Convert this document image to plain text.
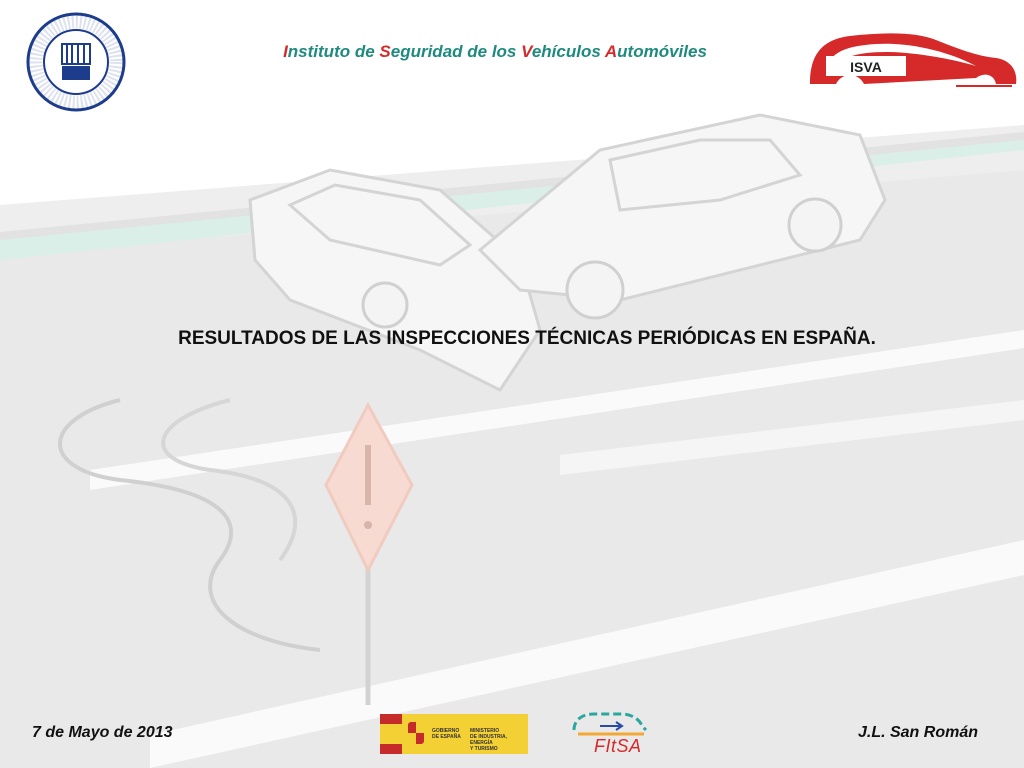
ISVA
Instituto de Seguridad de los Vehículos Automóviles
RESULTADOS DE LAS INSPECCIONES TÉCNICAS PERIÓDICAS EN ESPAÑA.
7 de Mayo de 2013	GOBIERNO
DE ESPAÑA
MINISTERIO
DE INDUSTRIA, ENERGÍA
Y TURISMO	FItSA
J.L. San Román
